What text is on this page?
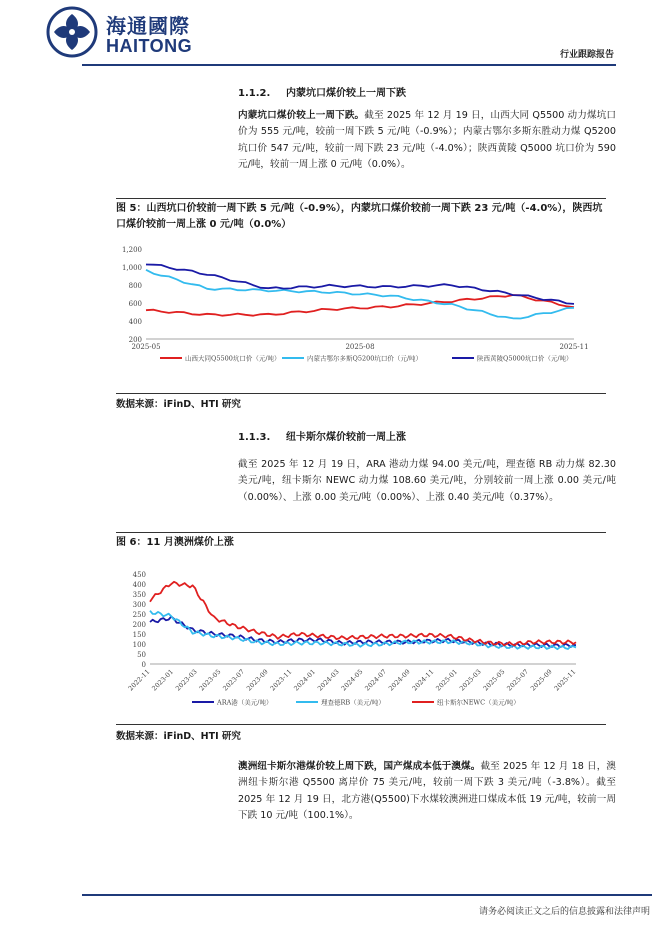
海通國際
HAITONG	行业跟踪报告
1.1.2. 内蒙坑口煤价较上一周下跌
内蒙坑口煤价较上一周下跌。截至 2025 年 12 月 19 日，山西大同 Q5500 动力煤坑口价为 555 元/吨，较前一周下跌 5 元/吨（-0.9%）；内蒙古鄂尔多斯东胜动力煤 Q5200 坑口价 547 元/吨，较前一周下跌 23 元/吨（-4.0%）；陕西黄陵 Q5000 坑口价为 590 元/吨，较前一周上涨 0 元/吨（0.0%）。
图 5：山西坑口价较前一周下跌 5 元/吨（-0.9%），内蒙坑口煤价较前一周下跌 23 元/吨（-4.0%），陕西坑口煤价较前一周上涨 0 元/吨（0.0%）
1,200
1,000
800
600
400
200
2025-05	2025-08	2025-11
山西大同Q5500坑口价（元/吨）	内蒙古鄂尔多斯Q5200坑口价（元/吨）	陕西黄陵Q5000坑口价（元/吨）
数据来源：iFinD、HTI 研究
1.1.3. 纽卡斯尔煤价较前一周上涨
截至 2025 年 12 月 19 日，ARA 港动力煤 94.00 美元/吨，理查德 RB 动力煤 82.30 美元/吨，纽卡斯尔 NEWC 动力煤 108.60 美元/吨，分别较前一周上涨 0.00 美元/吨（0.00%）、上涨 0.00 美元/吨（0.00%）、上涨 0.40 美元/吨（0.37%）。
图 6：11 月澳洲煤价上涨
450
400
350
300
250
200
150
100
50
0
2022-11
2023-01
2023-03
2023-05
2023-07
2023-09
2023-11
2024-01
2024-03
2024-05
2024-07
2024-09
2024-11
2025-01
2025-03
2025-05
2025-07
2025-09
2025-11
ARA港（美元/吨）	理查德RB（美元/吨）	纽卡斯尔NEWC（美元/吨）
数据来源：iFinD、HTI 研究
澳洲纽卡斯尔港煤价较上周下跌，国产煤成本低于澳煤。截至 2025 年 12 月 18 日，澳洲纽卡斯尔港 Q5500 离岸价 75 美元/吨，较前一周下跌 3 美元/吨（-3.8%）。截至 2025 年 12 月 19 日，北方港(Q5500)下水煤较澳洲进口煤成本低 19 元/吨，较前一周下跌 10 元/吨（100.1%）。
请务必阅读正文之后的信息披露和法律声明
